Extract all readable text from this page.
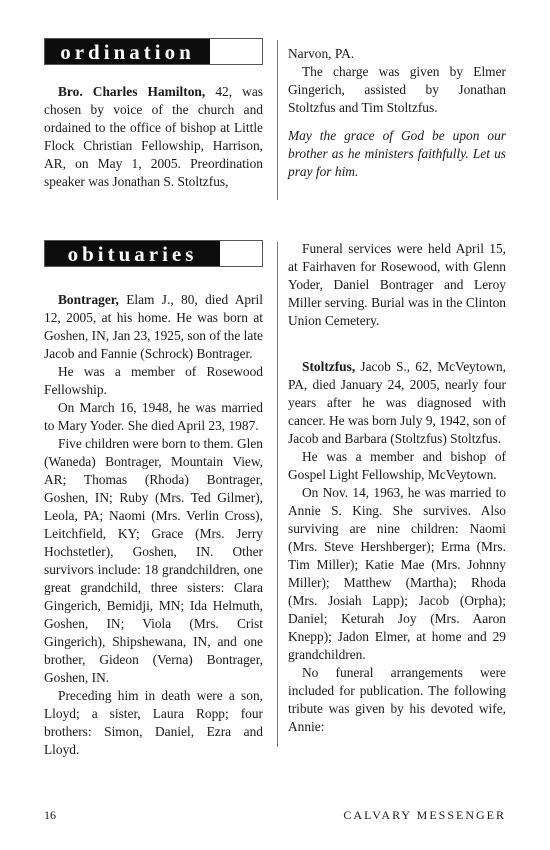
ordination

Bro. Charles Hamilton, 42, was chosen by voice of the church and ordained to the office of bishop at Little Flock Christian Fellowship, Harrison, AR, on May 1, 2005. Preordination speaker was Jonathan S. Stoltzfus,

Narvon, PA.

The charge was given by Elmer Gingerich, assisted by Jonathan Stoltzfus and Tim Stoltzfus.

May the grace of God be upon our brother as he ministers faithfully. Let us pray for him.

obituaries

Bontrager, Elam J., 80, died April 12, 2005, at his home. He was born at Goshen, IN, Jan 23, 1925, son of the late Jacob and Fannie (Schrock) Bontrager.

He was a member of Rosewood Fellowship.

On March 16, 1948, he was married to Mary Yoder. She died April 23, 1987.

Five children were born to them. Glen (Waneda) Bontrager, Mountain View, AR; Thomas (Rhoda) Bontrager, Goshen, IN; Ruby (Mrs. Ted Gilmer), Leola, PA; Naomi (Mrs. Verlin Cross), Leitchfield, KY; Grace (Mrs. Jerry Hochstetler), Goshen, IN. Other survivors include: 18 grandchildren, one great grandchild, three sisters: Clara Gingerich, Bemidji, MN; Ida Helmuth, Goshen, IN; Viola (Mrs. Crist Gingerich), Shipshewana, IN, and one brother, Gideon (Verna) Bontrager, Goshen, IN.

Preceding him in death were a son, Lloyd; a sister, Laura Ropp; four brothers: Simon, Daniel, Ezra and Lloyd.

Funeral services were held April 15, at Fairhaven for Rosewood, with Glenn Yoder, Daniel Bontrager and Leroy Miller serving. Burial was in the Clinton Union Cemetery.

Stoltzfus, Jacob S., 62, McVeytown, PA, died January 24, 2005, nearly four years after he was diagnosed with cancer. He was born July 9, 1942, son of Jacob and Barbara (Stoltzfus) Stoltzfus.

He was a member and bishop of Gospel Light Fellowship, McVeytown.

On Nov. 14, 1963, he was married to Annie S. King. She survives. Also surviving are nine children: Naomi (Mrs. Steve Hershberger); Erma (Mrs. Tim Miller); Katie Mae (Mrs. Johnny Miller); Matthew (Martha); Rhoda (Mrs. Josiah Lapp); Jacob (Orpha); Daniel; Keturah Joy (Mrs. Aaron Knepp); Jadon Elmer, at home and 29 grandchildren.

No funeral arrangements were included for publication. The following tribute was given by his devoted wife, Annie:

16	CALVARY MESSENGER
